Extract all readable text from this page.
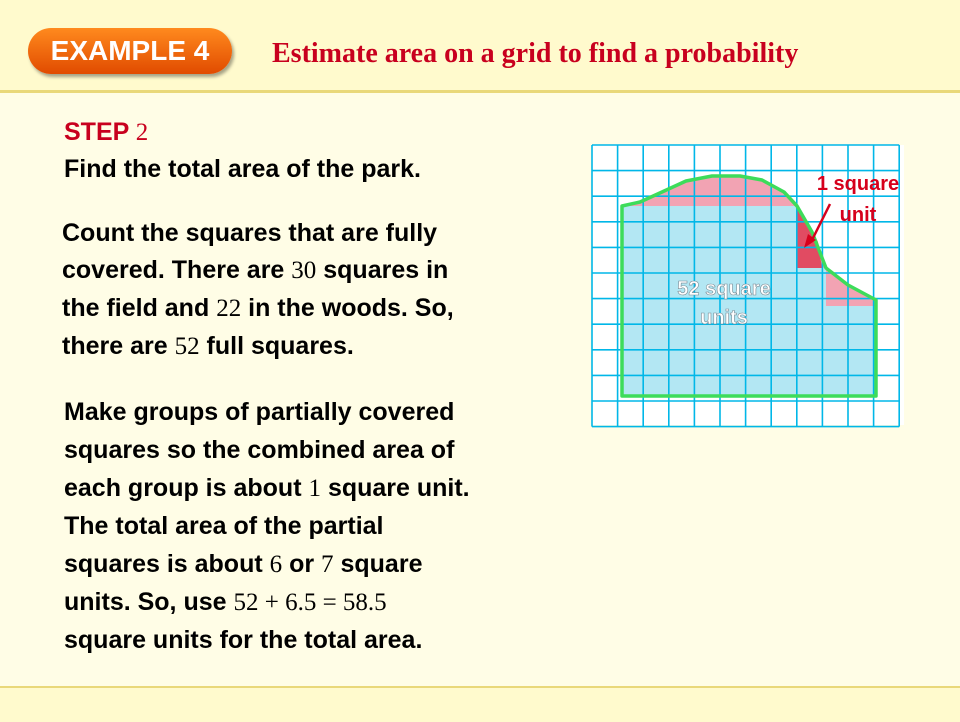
EXAMPLE 4	Estimate area on a grid to find a probability
STEP 2
Find the total area of the park.
Count the squares that are fully
covered. There are 30 squares in
the field and 22 in the woods. So,
there are 52 full squares.
Make groups of partially covered
squares so the combined area of
each group is about 1 square unit.
The total area of the partial
squares is about 6 or 7 square
units. So, use 52 + 6.5 = 58.5
square units for the total area.
52 square
units
1 square
unit
